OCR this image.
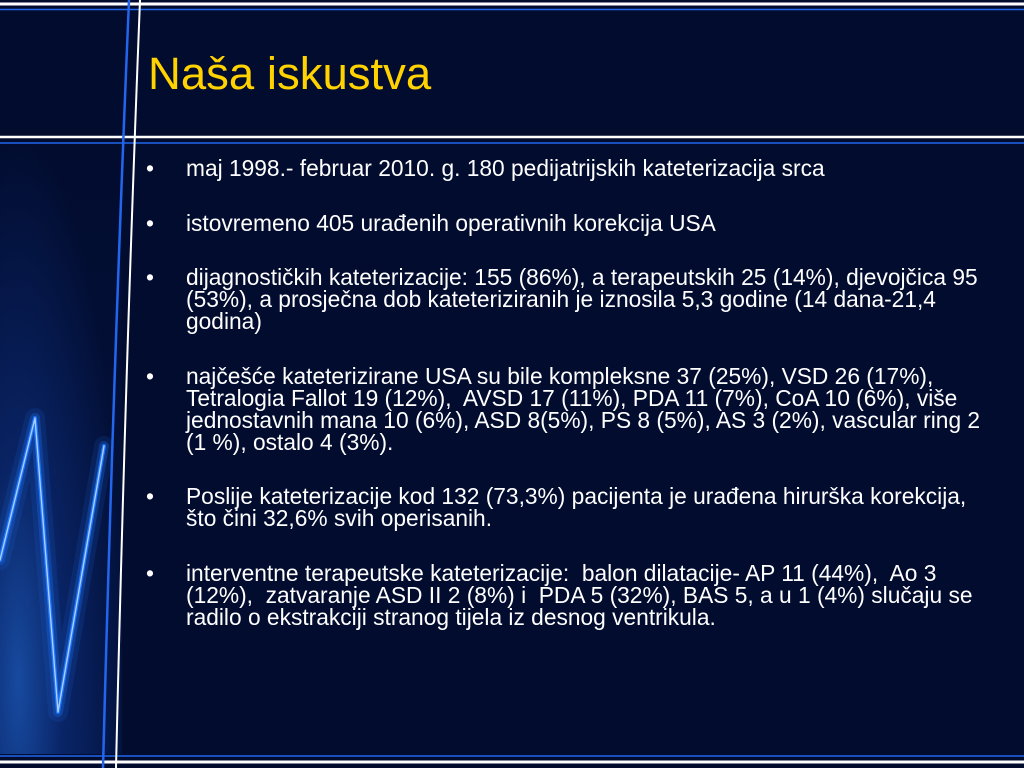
Naša iskustva
• maj 1998.- februar 2010. g. 180 pedijatrijskih kateterizacija srca
• istovremeno 405 urađenih operativnih korekcija USA
• dijagnostičkih kateterizacije: 155 (86%), a terapeutskih 25 (14%), djevojčica 95
(53%), a prosječna dob kateteriziranih je iznosila 5,3 godine (14 dana-21,4
godina)
• najčešće kateterizirane USA su bile kompleksne 37 (25%), VSD 26 (17%),
Tetralogia Fallot 19 (12%),  AVSD 17 (11%), PDA 11 (7%), CoA 10 (6%), više
jednostavnih mana 10 (6%), ASD 8(5%), PS 8 (5%), AS 3 (2%), vascular ring 2
(1 %), ostalo 4 (3%).
• Poslije kateterizacije kod 132 (73,3%) pacijenta je urađena hirurška korekcija,
što čini 32,6% svih operisanih.
• interventne terapeutske kateterizacije:  balon dilatacije- AP 11 (44%),  Ao 3
(12%),  zatvaranje ASD II 2 (8%) i  PDA 5 (32%), BAS 5, a u 1 (4%) slučaju se
radilo o ekstrakciji stranog tijela iz desnog ventrikula.
